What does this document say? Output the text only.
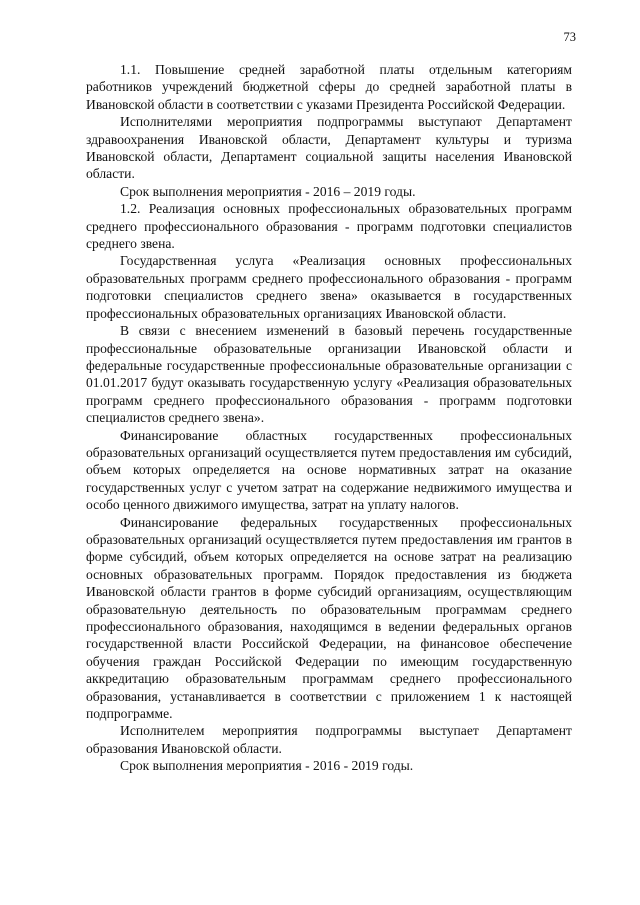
73

1.1. Повышение средней заработной платы отдельным категориям работников учреждений бюджетной сферы до средней заработной платы в Ивановской области в соответствии с указами Президента Российской Федерации.

Исполнителями мероприятия подпрограммы выступают Департамент здравоохранения Ивановской области, Департамент культуры и туризма Ивановской области, Департамент социальной защиты населения Ивановской области.

Срок выполнения мероприятия - 2016 – 2019 годы.

1.2. Реализация основных профессиональных образовательных программ среднего профессионального образования - программ подготовки специалистов среднего звена.

Государственная услуга «Реализация основных профессиональных образовательных программ среднего профессионального образования - программ подготовки специалистов среднего звена» оказывается в государственных профессиональных образовательных организациях Ивановской области.

В связи с внесением изменений в базовый перечень государственные профессиональные образовательные организации Ивановской области и федеральные государственные профессиональные образовательные организации с 01.01.2017 будут оказывать государственную услугу «Реализация образовательных программ среднего профессионального образования - программ подготовки специалистов среднего звена».

Финансирование областных государственных профессиональных образовательных организаций осуществляется путем предоставления им субсидий, объем которых определяется на основе нормативных затрат на оказание государственных услуг с учетом затрат на содержание недвижимого имущества и особо ценного движимого имущества, затрат на уплату налогов.

Финансирование федеральных государственных профессиональных образовательных организаций осуществляется путем предоставления им грантов в форме субсидий, объем которых определяется на основе затрат на реализацию основных образовательных программ. Порядок предоставления из бюджета Ивановской области грантов в форме субсидий организациям, осуществляющим образовательную деятельность по образовательным программам среднего профессионального образования, находящимся в ведении федеральных органов государственной власти Российской Федерации, на финансовое обеспечение обучения граждан Российской Федерации по имеющим государственную аккредитацию образовательным программам среднего профессионального образования, устанавливается в соответствии с приложением 1 к настоящей подпрограмме.

Исполнителем мероприятия подпрограммы выступает Департамент образования Ивановской области.

Срок выполнения мероприятия - 2016 - 2019 годы.
